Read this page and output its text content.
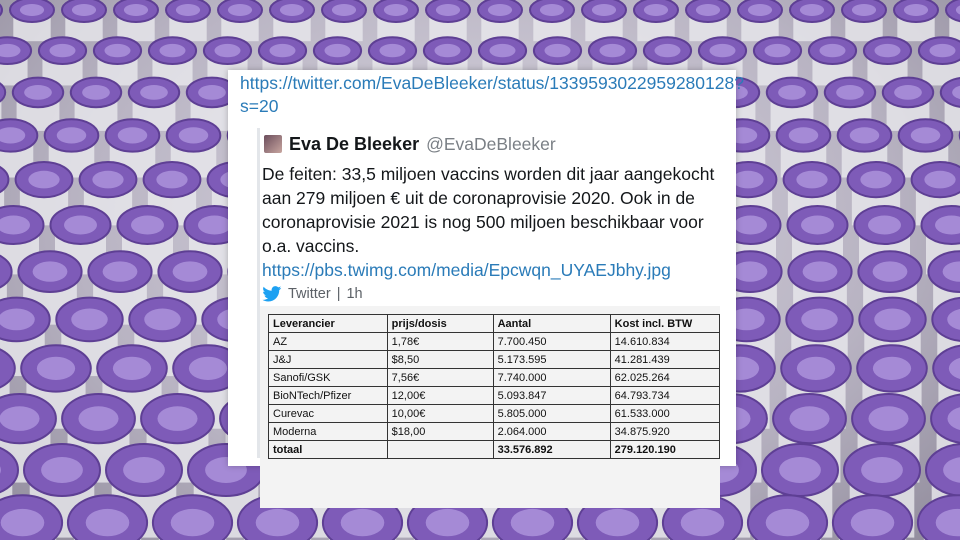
https://twitter.com/EvaDeBleeker/status/1339593022959280128?s=20
Eva De Bleeker @EvaDeBleeker
De feiten: 33,5 miljoen vaccins worden dit jaar aangekocht aan 279 miljoen € uit de coronaprovisie 2020. Ook in de coronaprovisie 2021 is nog 500 miljoen beschikbaar voor o.a. vaccins. https://pbs.twimg.com/media/Epcwqn_UYAEJbhy.jpg
Twitter | 1h
Leverancier	prijs/dosis	Aantal	Kost incl. BTW
AZ	1,78€	7.700.450	14.610.834
J&J	$8,50	5.173.595	41.281.439
Sanofi/GSK	7,56€	7.740.000	62.025.264
BioNTech/Pfizer	12,00€	5.093.847	64.793.734
Curevac	10,00€	5.805.000	61.533.000
Moderna	$18,00	2.064.000	34.875.920
totaal		33.576.892	279.120.190
